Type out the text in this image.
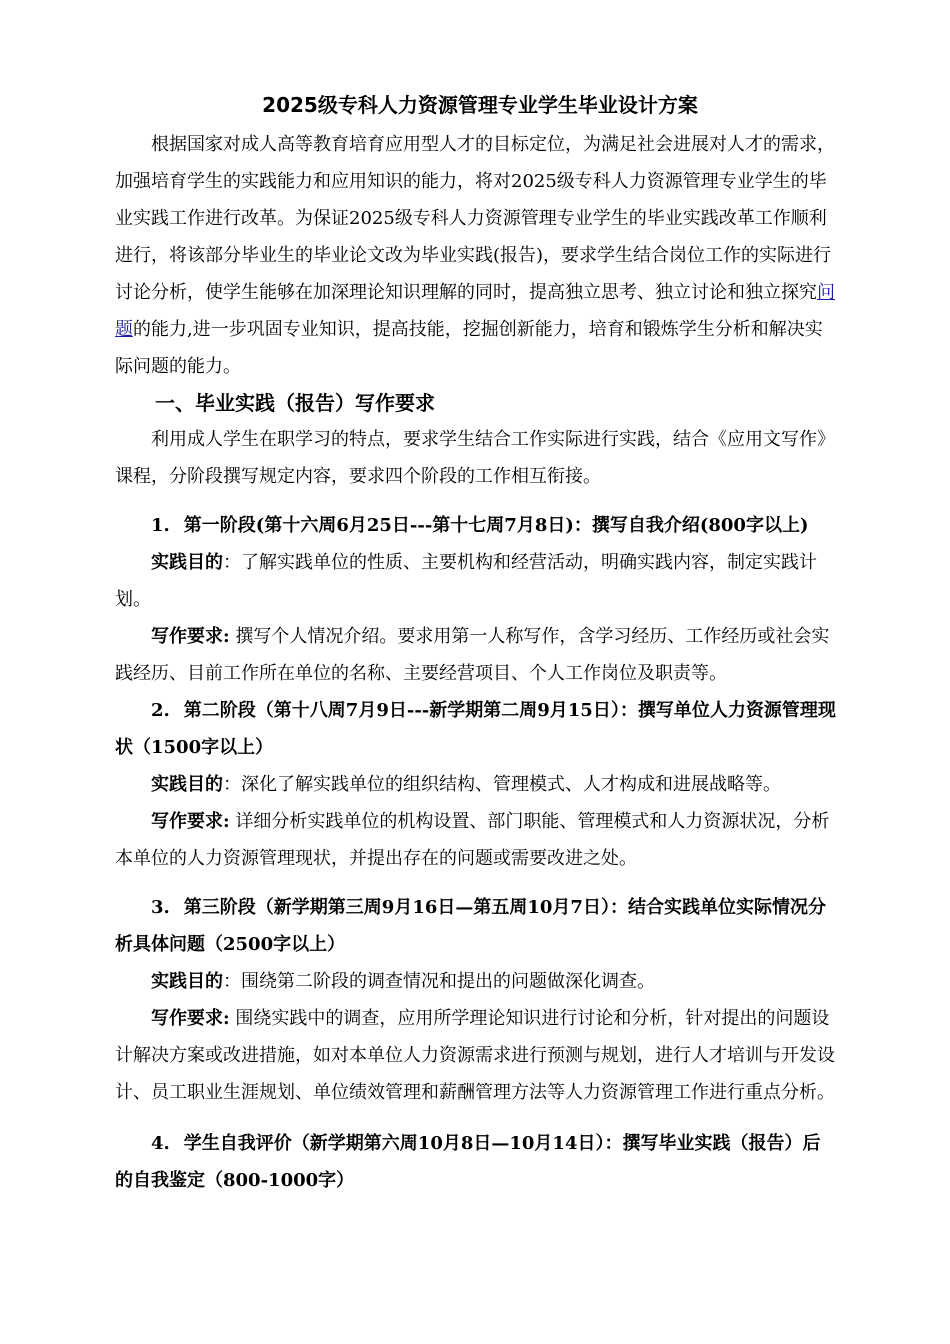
2025级专科人力资源管理专业学生毕业设计方案

根据国家对成人高等教育培育应用型人才的目标定位，为满足社会进展对人才的需求，加强培育学生的实践能力和应用知识的能力，将对2025级专科人力资源管理专业学生的毕业实践工作进行改革。为保证2025级专科人力资源管理专业学生的毕业实践改革工作顺利进行，将该部分毕业生的毕业论文改为毕业实践(报告)，要求学生结合岗位工作的实际进行讨论分析，使学生能够在加深理论知识理解的同时，提高独立思考、独立讨论和独立探究问题的能力,进一步巩固专业知识，提高技能，挖掘创新能力，培育和锻炼学生分析和解决实际问题的能力。

一、毕业实践（报告）写作要求

利用成人学生在职学习的特点，要求学生结合工作实际进行实践，结合《应用文写作》课程，分阶段撰写规定内容，要求四个阶段的工作相互衔接。

1. 第一阶段(第十六周6月25日---第十七周7月8日)：撰写自我介绍(800字以上)

实践目的：了解实践单位的性质、主要机构和经营活动，明确实践内容，制定实践计划。

写作要求: 撰写个人情况介绍。要求用第一人称写作，含学习经历、工作经历或社会实践经历、目前工作所在单位的名称、主要经营项目、个人工作岗位及职责等。

2. 第二阶段（第十八周7月9日---新学期第二周9月15日）：撰写单位人力资源管理现状（1500字以上）

实践目的：深化了解实践单位的组织结构、管理模式、人才构成和进展战略等。

写作要求: 详细分析实践单位的机构设置、部门职能、管理模式和人力资源状况，分析本单位的人力资源管理现状，并提出存在的问题或需要改进之处。

3. 第三阶段（新学期第三周9月16日—第五周10月7日）：结合实践单位实际情况分析具体问题（2500字以上）

实践目的：围绕第二阶段的调查情况和提出的问题做深化调查。

写作要求: 围绕实践中的调查，应用所学理论知识进行讨论和分析，针对提出的问题设计解决方案或改进措施，如对本单位人力资源需求进行预测与规划，进行人才培训与开发设计、员工职业生涯规划、单位绩效管理和薪酬管理方法等人力资源管理工作进行重点分析。

4. 学生自我评价（新学期第六周10月8日—10月14日）：撰写毕业实践（报告）后的自我鉴定（800-1000字）
